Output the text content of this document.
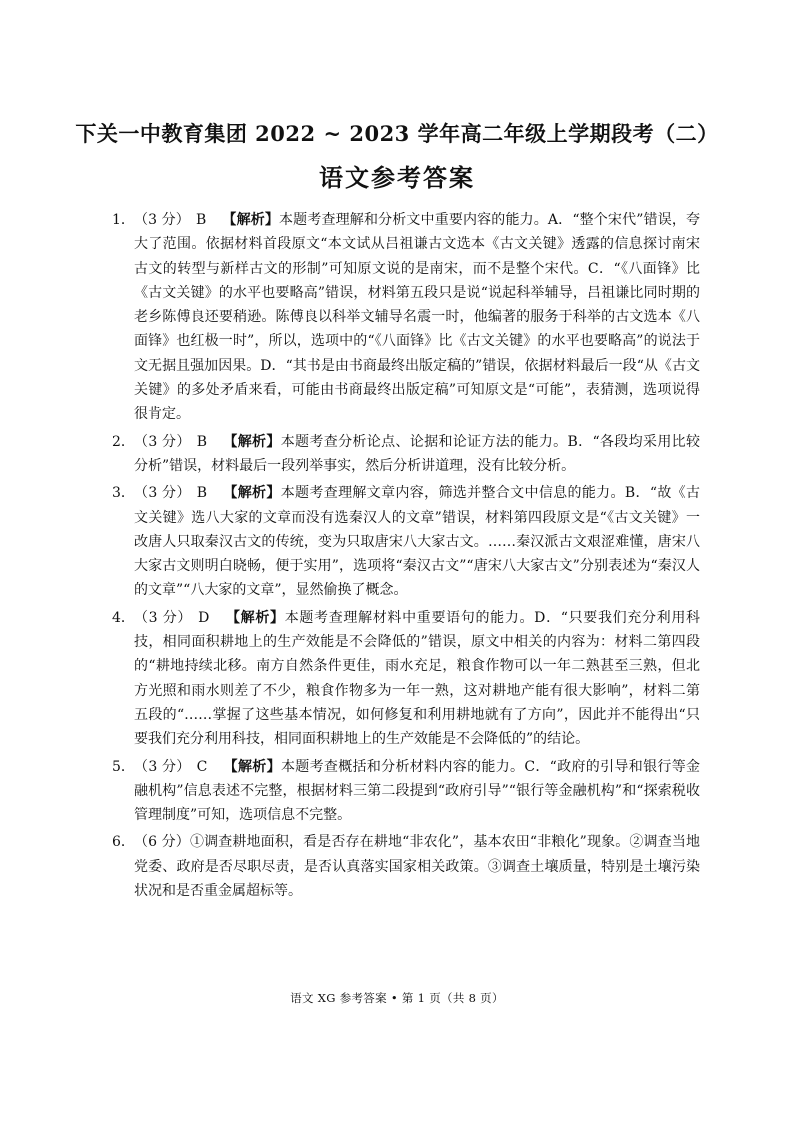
下关一中教育集团 2022 ~ 2023 学年高二年级上学期段考（二）
语文参考答案
1． （3 分） B 【解析】本题考查理解和分析文中重要内容的能力。A．“整个宋代”错误，夸大了范围。依据材料首段原文“本文试从吕祖谦古文选本《古文关键》透露的信息探讨南宋古文的转型与新样古文的形制”可知原文说的是南宋，而不是整个宋代。C．“《八面锋》比《古文关键》的水平也要略高”错误，材料第五段只是说“说起科举辅导，吕祖谦比同时期的老乡陈傅良还要稍逊。陈傅良以科举文辅导名震一时，他编著的服务于科举的古文选本《八面锋》也红极一时”，所以，选项中的“《八面锋》比《古文关键》的水平也要略高”的说法于文无据且强加因果。D．“其书是由书商最终出版定稿的”错误，依据材料最后一段“从《古文关键》的多处矛盾来看，可能由书商最终出版定稿”可知原文是“可能”，表猜测，选项说得很肯定。
2． （3 分） B 【解析】本题考查分析论点、论据和论证方法的能力。B．“各段均采用比较分析”错误，材料最后一段列举事实，然后分析讲道理，没有比较分析。
3． （3 分） B 【解析】本题考查理解文章内容，筛选并整合文中信息的能力。B．“故《古文关键》选八大家的文章而没有选秦汉人的文章”错误，材料第四段原文是“《古文关键》一改唐人只取秦汉古文的传统，变为只取唐宋八大家古文。……秦汉派古文艰涩难懂，唐宋八大家古文则明白晓畅，便于实用”，选项将“秦汉古文”“唐宋八大家古文”分别表述为“秦汉人的文章”“八大家的文章”，显然偷换了概念。
4． （3 分） D 【解析】本题考查理解材料中重要语句的能力。D．“只要我们充分利用科技，相同面积耕地上的生产效能是不会降低的”错误，原文中相关的内容为：材料二第四段的“耕地持续北移。南方自然条件更佳，雨水充足，粮食作物可以一年二熟甚至三熟，但北方光照和雨水则差了不少，粮食作物多为一年一熟，这对耕地产能有很大影响”，材料二第五段的“……掌握了这些基本情况，如何修复和利用耕地就有了方向”，因此并不能得出“只要我们充分利用科技，相同面积耕地上的生产效能是不会降低的”的结论。
5． （3 分） C 【解析】本题考查概括和分析材料内容的能力。C．“政府的引导和银行等金融机构”信息表述不完整，根据材料三第二段提到“政府引导”“银行等金融机构”和“探索税收管理制度”可知，选项信息不完整。
6． （6 分）①调查耕地面积，看是否存在耕地“非农化”，基本农田“非粮化”现象。②调查当地党委、政府是否尽职尽责，是否认真落实国家相关政策。③调查土壤质量，特别是土壤污染状况和是否重金属超标等。
语文 XG 参考答案 • 第 1 页（共 8 页）
